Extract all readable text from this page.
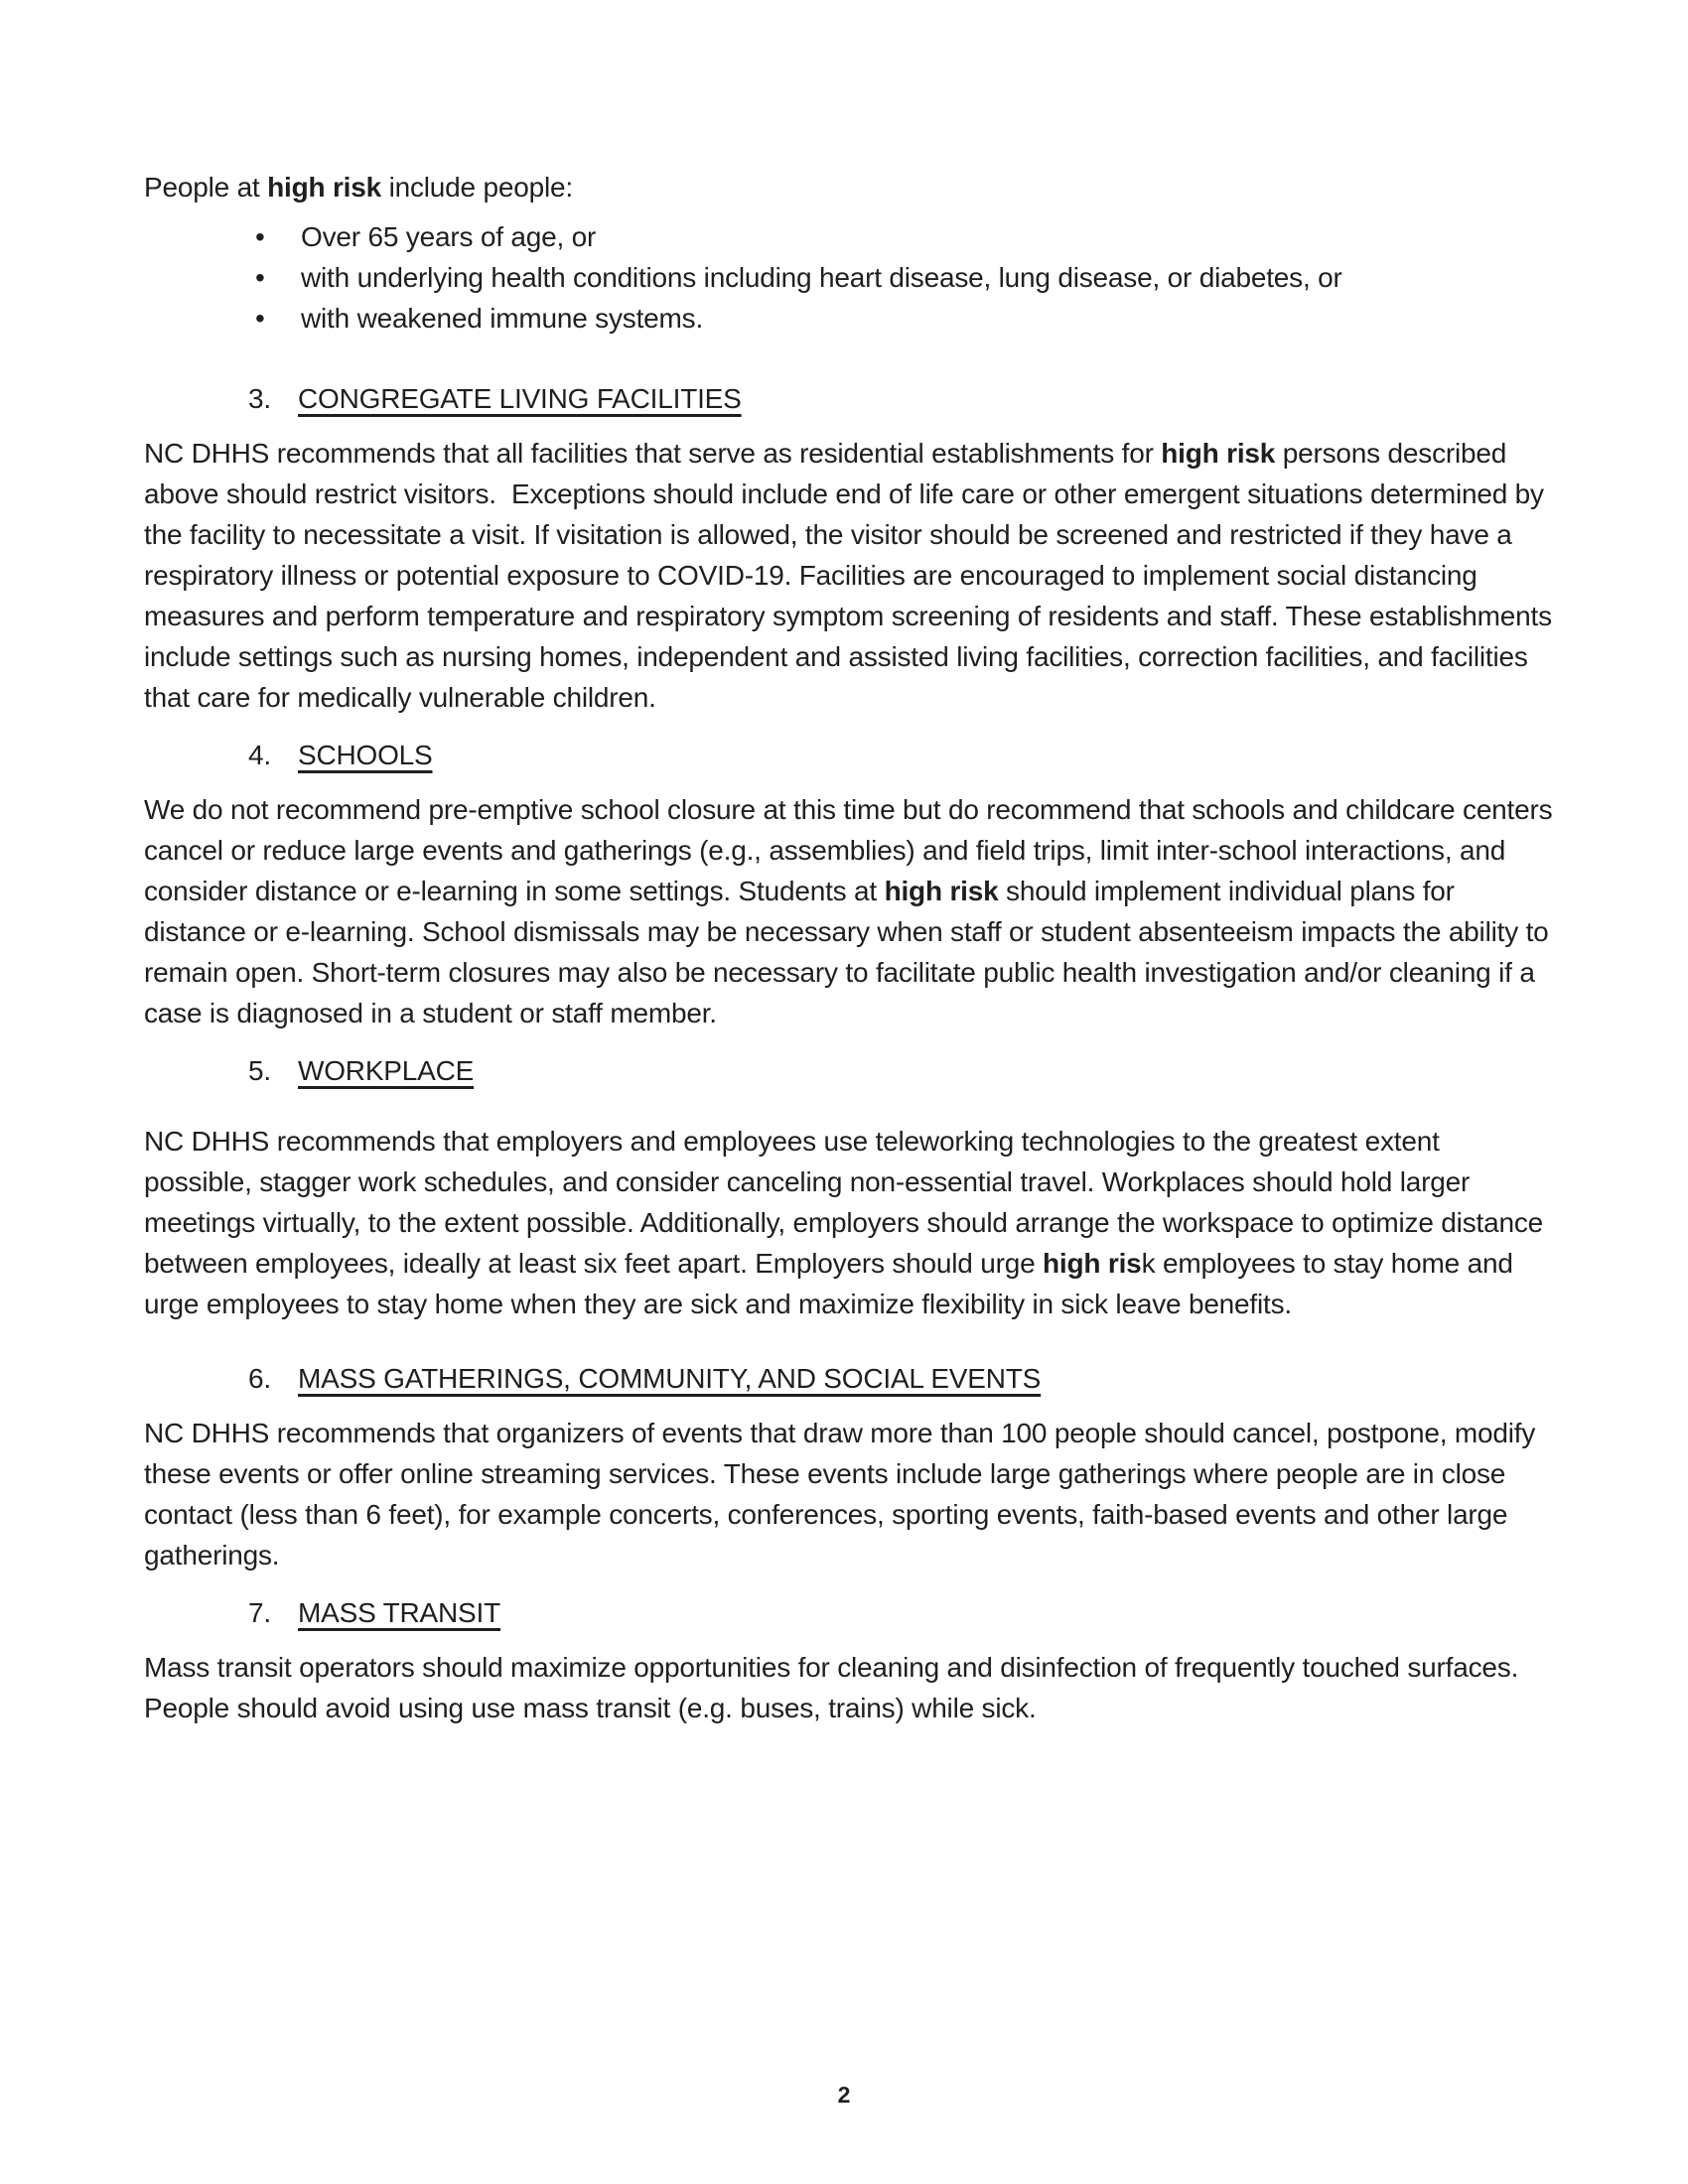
People at high risk include people:

• Over 65 years of age, or
• with underlying health conditions including heart disease, lung disease, or diabetes, or
• with weakened immune systems.
3. CONGREGATE LIVING FACILITIES

NC DHHS recommends that all facilities that serve as residential establishments for high risk persons described above should restrict visitors.  Exceptions should include end of life care or other emergent situations determined by the facility to necessitate a visit. If visitation is allowed, the visitor should be screened and restricted if they have a respiratory illness or potential exposure to COVID-19. Facilities are encouraged to implement social distancing measures and perform temperature and respiratory symptom screening of residents and staff. These establishments include settings such as nursing homes, independent and assisted living facilities, correction facilities, and facilities that care for medically vulnerable children.

4. SCHOOLS

We do not recommend pre-emptive school closure at this time but do recommend that schools and childcare centers cancel or reduce large events and gatherings (e.g., assemblies) and field trips, limit inter-school interactions, and consider distance or e-learning in some settings. Students at high risk should implement individual plans for distance or e-learning. School dismissals may be necessary when staff or student absenteeism impacts the ability to remain open. Short-term closures may also be necessary to facilitate public health investigation and/or cleaning if a case is diagnosed in a student or staff member.

5. WORKPLACE

NC DHHS recommends that employers and employees use teleworking technologies to the greatest extent possible, stagger work schedules, and consider canceling non-essential travel. Workplaces should hold larger meetings virtually, to the extent possible. Additionally, employers should arrange the workspace to optimize distance between employees, ideally at least six feet apart. Employers should urge high risk employees to stay home and urge employees to stay home when they are sick and maximize flexibility in sick leave benefits.

6. MASS GATHERINGS, COMMUNITY, AND SOCIAL EVENTS

NC DHHS recommends that organizers of events that draw more than 100 people should cancel, postpone, modify these events or offer online streaming services. These events include large gatherings where people are in close contact (less than 6 feet), for example concerts, conferences, sporting events, faith-based events and other large gatherings.

7. MASS TRANSIT

Mass transit operators should maximize opportunities for cleaning and disinfection of frequently touched surfaces. People should avoid using use mass transit (e.g. buses, trains) while sick.

2
